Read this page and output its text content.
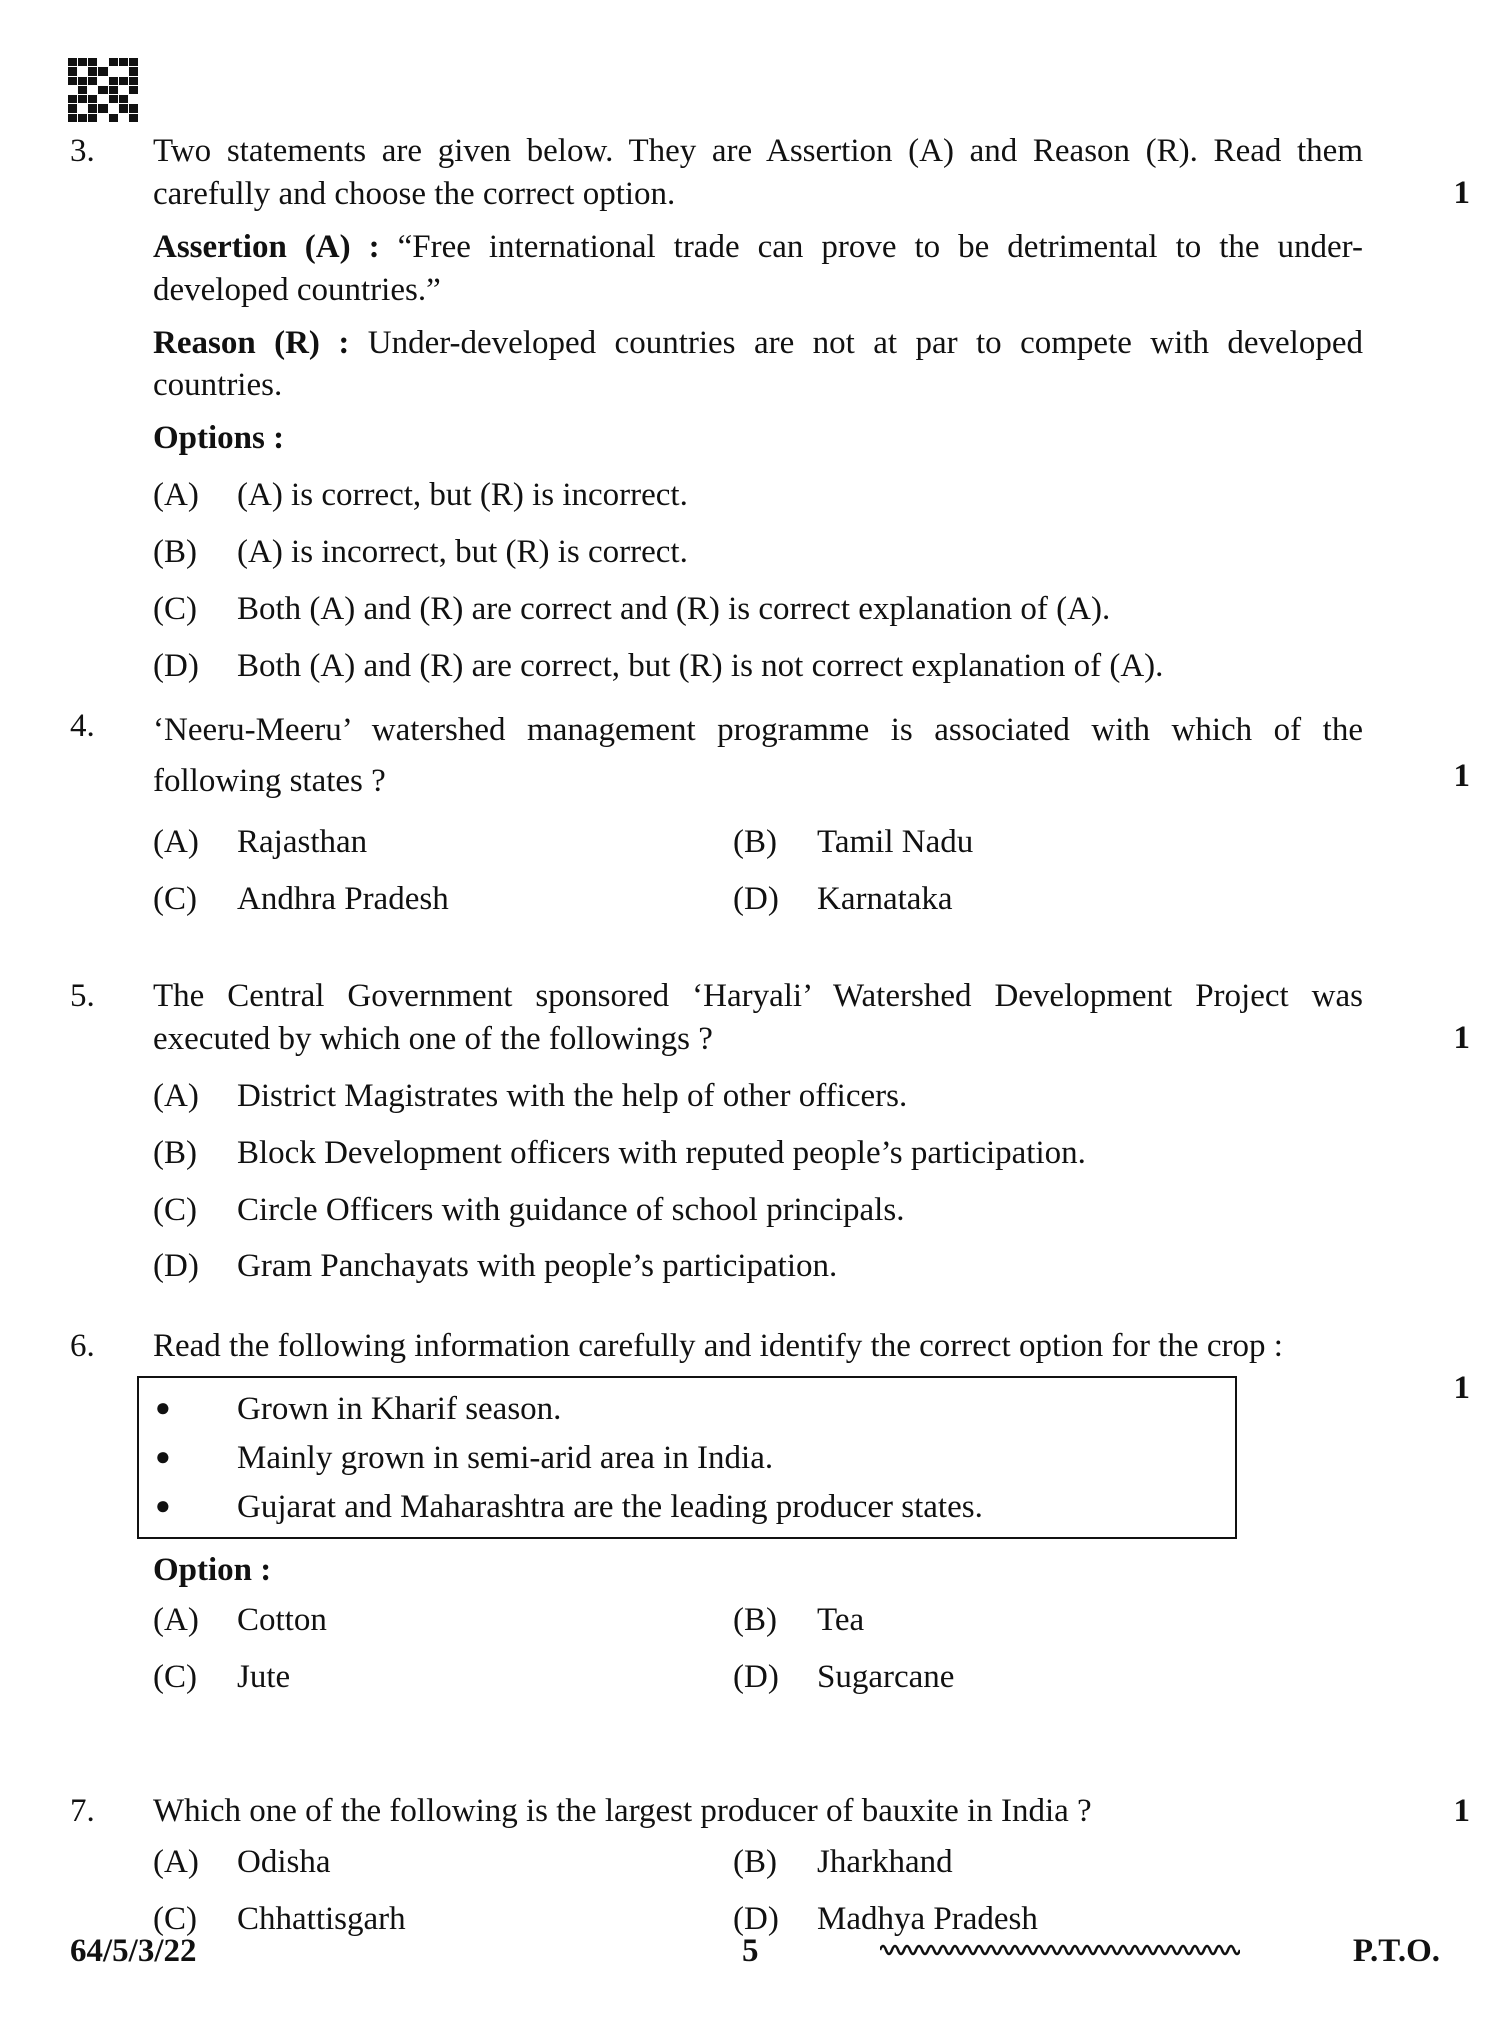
3.
1

Two statements are given below. They are Assertion (A) and Reason (R). Read them carefully and choose the correct option.

Assertion (A) : “Free international trade can prove to be detrimental to the under-developed countries.”

Reason (R) : Under-developed countries are not at par to compete with developed countries.

Options :

(A)	(A) is correct, but (R) is incorrect.
(B)	(A) is incorrect, but (R) is correct.
(C)	Both (A) and (R) are correct and (R) is correct explanation of (A).
(D)	Both (A) and (R) are correct, but (R) is not correct explanation of (A).
4.
1

‘Neeru-Meeru’ watershed management programme is associated with which of the following states ?

(A)	Rajasthan	(B)	Tamil Nadu
(C)	Andhra Pradesh	(D)	Karnataka
5.
1

The Central Government sponsored ‘Haryali’ Watershed Development Project was executed by which one of the followings ?

(A)	District Magistrates with the help of other officers.
(B)	Block Development officers with reputed people’s participation.
(C)	Circle Officers with guidance of school principals.
(D)	Gram Panchayats with people’s participation.
6.
1

Read the following information carefully and identify the correct option for the crop :

●	Grown in Kharif season.
●	Mainly grown in semi-arid area in India.
●	Gujarat and Maharashtra are the leading producer states.

Option :

(A)	Cotton	(B)	Tea
(C)	Jute	(D)	Sugarcane
7.	1

Which one of the following is the largest producer of bauxite in India ?

(A)	Odisha	(B)	Jharkhand
(C)	Chhattisgarh	(D)	Madhya Pradesh
64/5/3/22	5	P.T.O.
